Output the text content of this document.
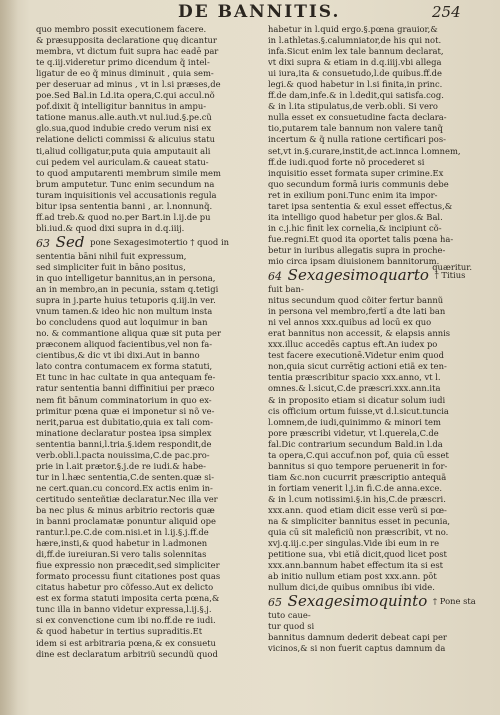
DE BANNITIS.	254
quo membro possit executionem facere.
& præsupposita declaratione quę dicantur
membra, vt dictum fuit supra hac eadē par
te q.iij.videretur primo dicendum q̃ intel-
ligatur de eo q̃ minus diminuit , quia sem-
per deseruar ad minus , vt in l.si præses,de
poe.Sed Bal.in Ld.ita opera,C.qui accul.nõ
pof.dixit q̃ intelligitur bannitus in ampu-
tatione manus.alle.auth.vt nul.iud.§.pe.cũ
glo.sua,quod indubie credo verum nisi ex
relatione delicti commissi & alicuius statu
ti,aliud colligatur,puta quia amputauit ali
cui pedem vel auriculam.& caueat statu-
to quod amputarenti membrum simile mem
brum amputetur. Tunc enim secundum na
turam inquisitionis vel accusationis regula
bitur ipsa sententia banni , ar. l.nonnunq̃.
ff.ad treb.& quod no.per Bart.in l.ij.de pu
bli.iud.& quod dixi supra in d.q.iiij.
63 Sed pone Sexagesimotertio † quod in
sententia bāni nihil fuit expressum,
sed simpliciter fuit in bāno positus,
in quo intelligetur bannitus,an in persona,
an in membro,an in pecunia, sstam q.tetigi
supra in j.parte huius tetuporis q.iij.in ver.
vnum tamen.& ideo hic non multum insta
bo concludens quod aut loquimur in ban
no. & commantione aliqua quæ sit puta per
præconem aliquod facientibus,vel non fa-
cientibus,& dic vt ibi dixi.Aut in banno
lato contra contumacem ex forma statuti,
Et tunc in hac cultate in qua antequam fe-
ratur sententia banni diffinitiui per præco
nem fit bānum comminatorium in quo ex-
primitur pœna quæ ei imponetur si nõ ve-
nerit,parua est dubitatio,quia ex tali com-
minatione declaratur postea ipsa simplex
sententia banni,l.tria.§.idem respondit,de
verb.obli.l.pacta nouissima,C.de pac.pro-
prie in l.ait prætor.§.j.de re iudi.& habe-
tur in l.hæc sententia,C.de senten.quæ si-
ne cert.quan.cu concord.Ex actis enim in-
certitudo senteñtiæ declaratur.Nec illa ver
ba nec plus & minus arbitrio rectoris quæ
in banni proclamatæ ponuntur aliquid ope
rantur.l.pe.C.de com.nisi.et in l.ij.§.j.ff.de
hære,insti,& quod habetur in l.admonen
di,ff.de iureiuran.Si vero talis solennitas
fiue expressio non præcedit,sed simpliciter
formato processu fiunt citationes post quas
citatus habetur pro cõfesso.Aut ex delicto
est ex forma statuti imposita certa pœna,&
tunc illa in banno videtur expressa,l.ij.§.j.
si ex convenctione cum ibi no.ff.de re iudi.
& quod habetur in tertius supraditis.Et
idem si est arbitraria pœna,& ex consuetu
dine est declaratum arbitriũ secundũ quod
habetur in l.quid ergo.§.pœna grauior,&
in l.athletas.§.calumniator,de his qui not.
infa.Sicut enim lex tale bannum declarat,
vt dixi supra & etiam in d.q.iiij.vbi allega
ui iura,ita & consuetudo,l.de quibus.ff.de
legi.& quod habetur in l.si finita,in princ.
ff.de dam,infe.& in l.dedit,qui satisfa.cog.
& in l.ita stipulatus,de verb.obli. Si vero
nulla esset ex consuetudine facta declara-
tio,putarem tale bannum non valere tanq̃
incertum & q̃ nulla ratione certificari pos-
set,vt in.§.curare,instit,de act.innca l.omnem,
ff.de iudi.quod forte nõ procederet si
inquisitio esset formata super crimine.Ex
quo secundum formā iuris communis debe
ret in exilium poni.Tunc enim ita impor-
taret ipsa sententia & exul esset effectus,&
ita intelligo quod habetur per glos.& Bal.
in c.j.hic finit lex cornelia,& incipiunt cõ-
fue.regni.Et quod ita oportet talis pœna ha-
betur in iuribus allegatis supra in proche-
mio circa ipsam diuisionem bannitorum.
64 Sexagesimoquarto quæritur.
† Titius
fuit ban-
nitus secundum quod cõiter fertur bannũ
in persona vel membro,fertĩ a dte lati ban
ni vel annos xxx.quibus ad locū ex quo
erat bannitus non accessit, & elapsis annis
xxx.illuc accedēs captus eft.An iudex po
test facere executionē.Videtur enim quod
non,quia sicut currētig actioni etiã ex ten-
tentia præscribitur spacio xxx.anno, vt l.
omnes.& l.sicut,C.de præscri.xxx.ann.ita
& in proposito etiam si dicatur solum iudi
cis officium ortum fuisse,vt d.l.sicut.tuncia
l.omnem,de iudi,quinimmo & minori tem
pore præscribi videtur, vt l.querela,C.de
fal.Dic contrarium secundum Bald.in l.da
ta opera,C.qui accuf.non pof, quia cū esset
bannitus si quo tempore peruenerit in for-
tiam &c.non cucurrit præscriptio antequã
in fortiam venerit l.j.in fi.C.de anna.exce.
& in l.cum notissimi.§.in his,C.de præscri.
xxx.ann. quod etiam dicit esse verũ si pœ-
na & simpliciter bannitus esset in pecunia,
quia cū sit maleficiũ non præscribit, vt no.
xvj.q.iij.c.per singulas.Vide ibi eum in re
petitione sua, vbi etiã dicit,quod licet post
xxx.ann.bannum habet effectum ita si est
ab initio nullum etiam post xxx.ann. pōt
nullum dici,de quibus omnibus ibi vide.
65 Sexagesimoquinto † Pone sta
tuto caue-
tur quod si
bannitus damnum dederit debeat capi per
vicinos,& si non fuerit captus damnum da
